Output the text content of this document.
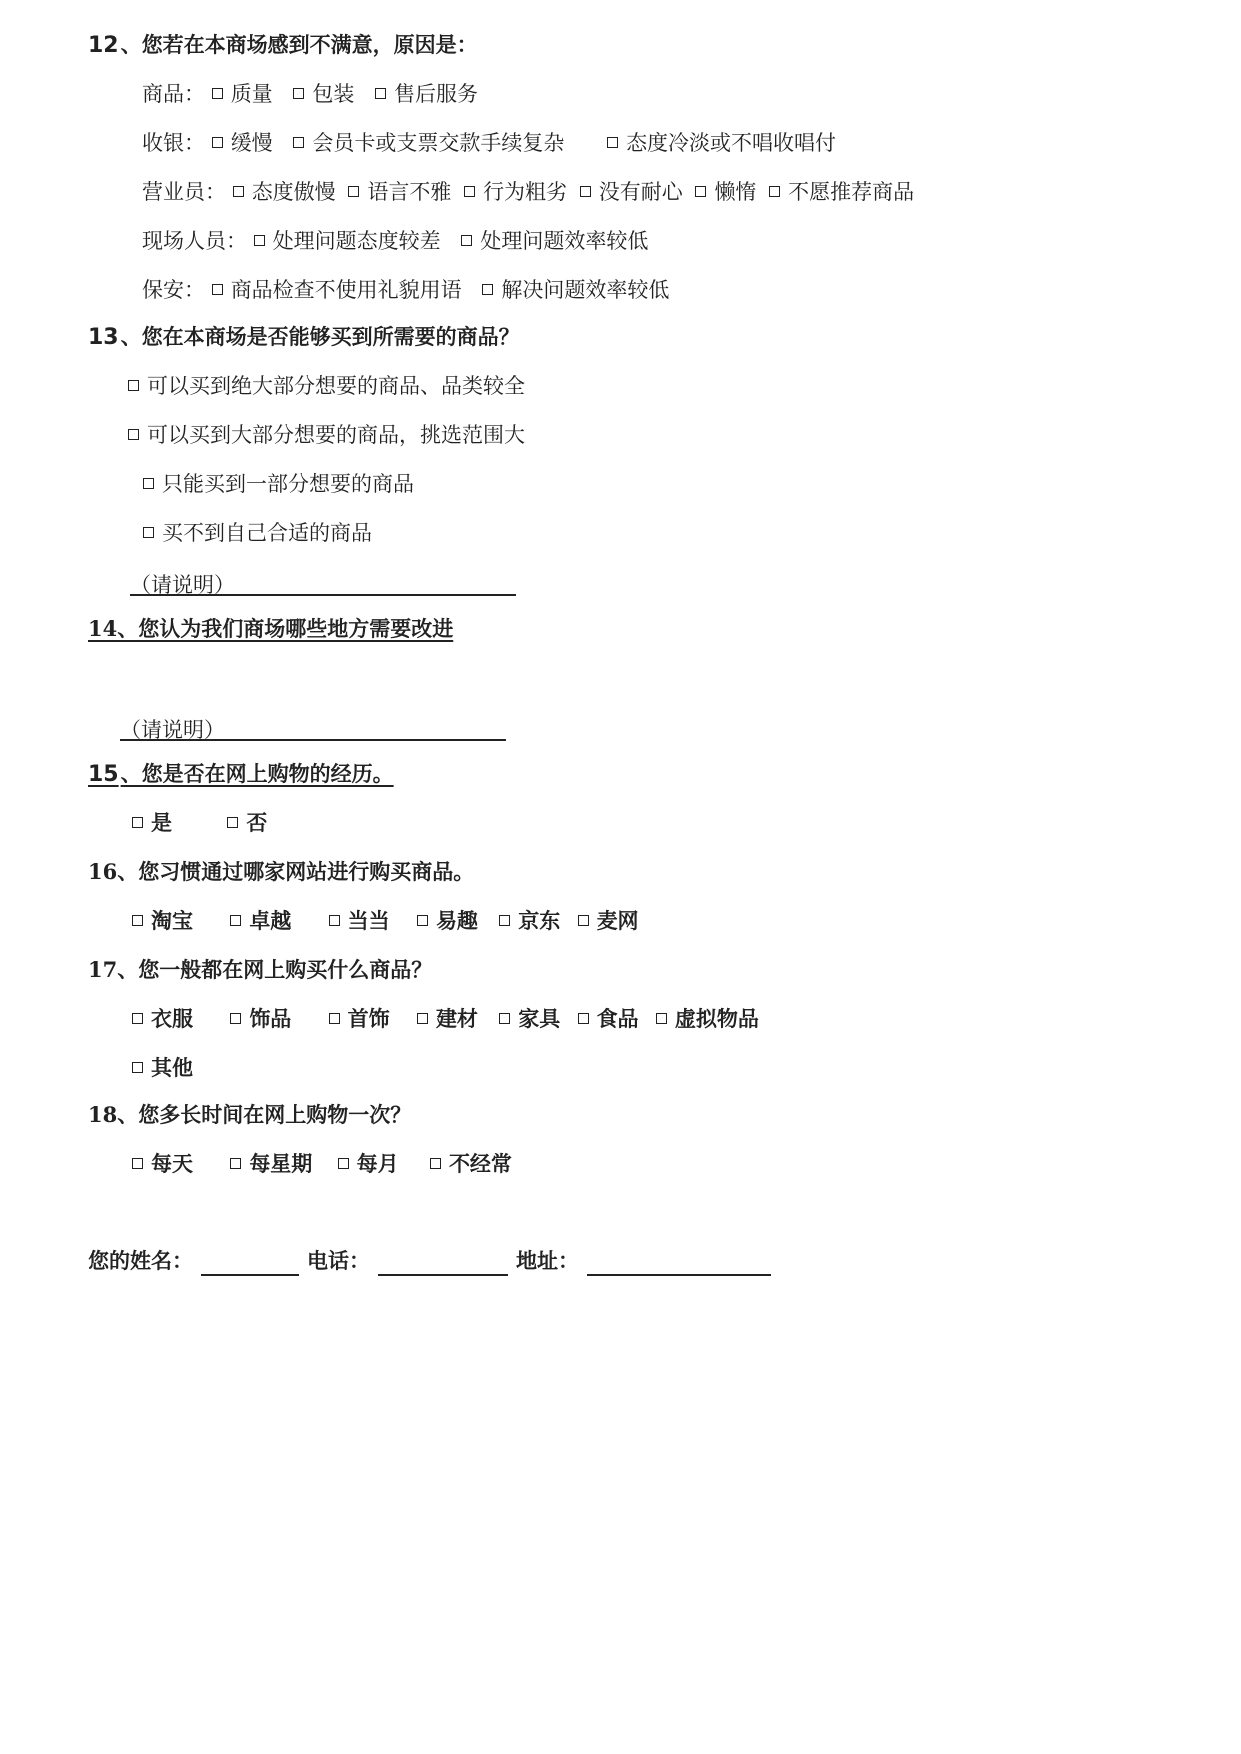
12、您若在本商场感到不满意，原因是：
商品： 质量 包装 售后服务
收银： 缓慢 会员卡或支票交款手续复杂	态度冷淡或不唱收唱付
营业员： 态度傲慢 语言不雅 行为粗劣 没有耐心 懒惰 不愿推荐商品
现场人员： 处理问题态度较差 处理问题效率较低
保安： 商品检查不使用礼貌用语 解决问题效率较低
13、您在本商场是否能够买到所需要的商品？
可以买到绝大部分想要的商品、品类较全
可以买到大部分想要的商品，挑选范围大
只能买到一部分想要的商品
买不到自己合适的商品
（请说明）
14、您认为我们商场哪些地方需要改进
（请说明）
15、您是否在网上购物的经历。
是	否
16、您习惯通过哪家网站进行购买商品。
淘宝	卓越	当当 易趣 京东 麦网
17、您一般都在网上购买什么商品？
衣服	饰品	首饰 建材 家具 食品 虚拟物品
其他
18、您多长时间在网上购物一次？
每天	每星期 每月 不经常
您的姓名：	电话：	地址：
